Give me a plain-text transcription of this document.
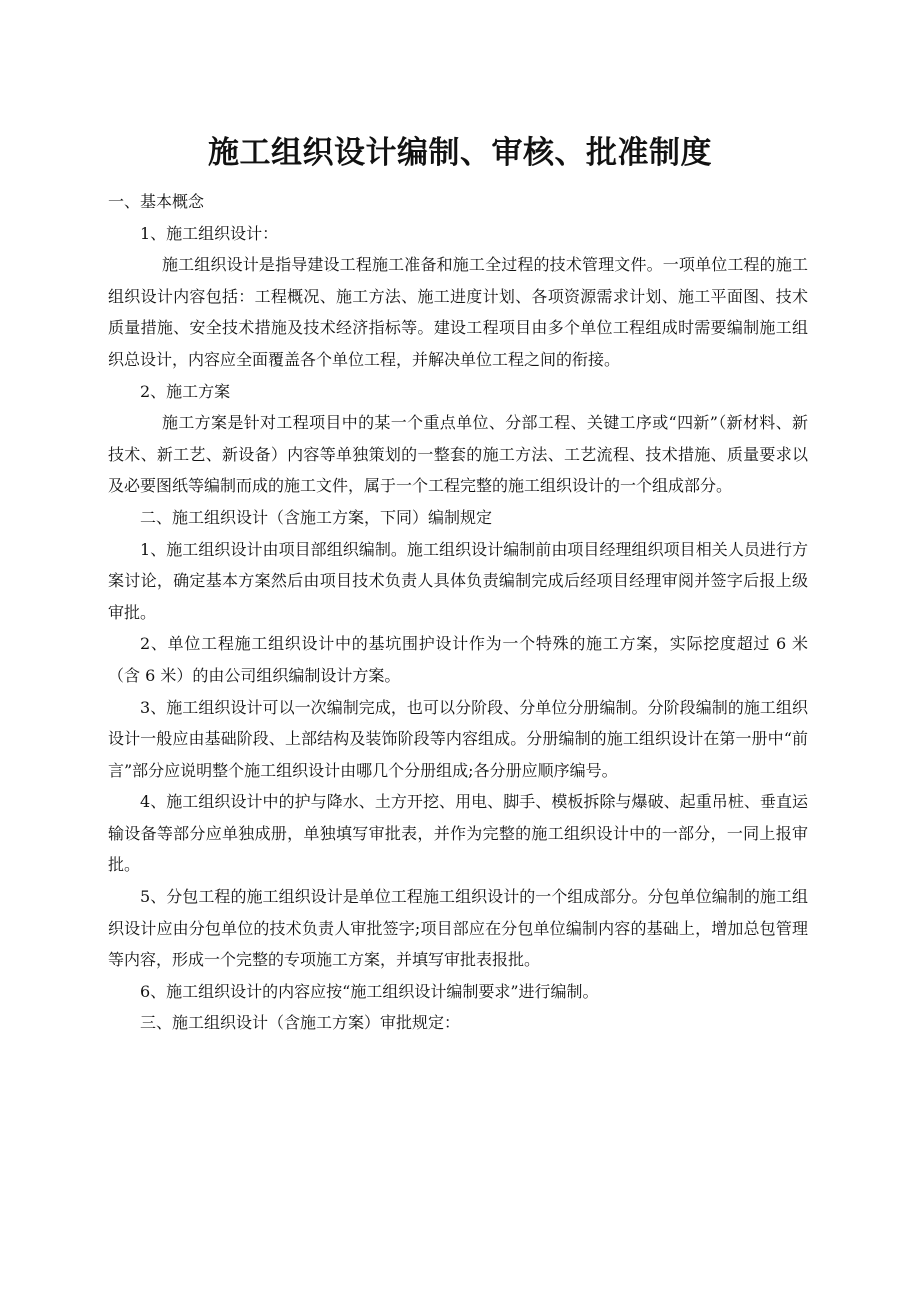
施工组织设计编制、审核、批准制度

一、基本概念

1、施工组织设计：

施工组织设计是指导建设工程施工准备和施工全过程的技术管理文件。一项单位工程的施工组织设计内容包括：工程概况、施工方法、施工进度计划、各项资源需求计划、施工平面图、技术质量措施、安全技术措施及技术经济指标等。建设工程项目由多个单位工程组成时需要编制施工组织总设计，内容应全面覆盖各个单位工程，并解决单位工程之间的衔接。

2、施工方案

施工方案是针对工程项目中的某一个重点单位、分部工程、关键工序或“四新”（新材料、新技术、新工艺、新设备）内容等单独策划的一整套的施工方法、工艺流程、技术措施、质量要求以及必要图纸等编制而成的施工文件，属于一个工程完整的施工组织设计的一个组成部分。

二、施工组织设计（含施工方案，下同）编制规定

1、施工组织设计由项目部组织编制。施工组织设计编制前由项目经理组织项目相关人员进行方案讨论，确定基本方案然后由项目技术负责人具体负责编制完成后经项目经理审阅并签字后报上级审批。

2、单位工程施工组织设计中的基坑围护设计作为一个特殊的施工方案，实际挖度超过 6 米（含 6 米）的由公司组织编制设计方案。

3、施工组织设计可以一次编制完成，也可以分阶段、分单位分册编制。分阶段编制的施工组织设计一般应由基础阶段、上部结构及装饰阶段等内容组成。分册编制的施工组织设计在第一册中“前言”部分应说明整个施工组织设计由哪几个分册组成;各分册应顺序编号。

4、施工组织设计中的护与降水、土方开挖、用电、脚手、模板拆除与爆破、起重吊桩、垂直运输设备等部分应单独成册，单独填写审批表，并作为完整的施工组织设计中的一部分，一同上报审批。

5、分包工程的施工组织设计是单位工程施工组织设计的一个组成部分。分包单位编制的施工组织设计应由分包单位的技术负责人审批签字;项目部应在分包单位编制内容的基础上，增加总包管理等内容，形成一个完整的专项施工方案，并填写审批表报批。

6、施工组织设计的内容应按“施工组织设计编制要求”进行编制。

三、施工组织设计（含施工方案）审批规定：
